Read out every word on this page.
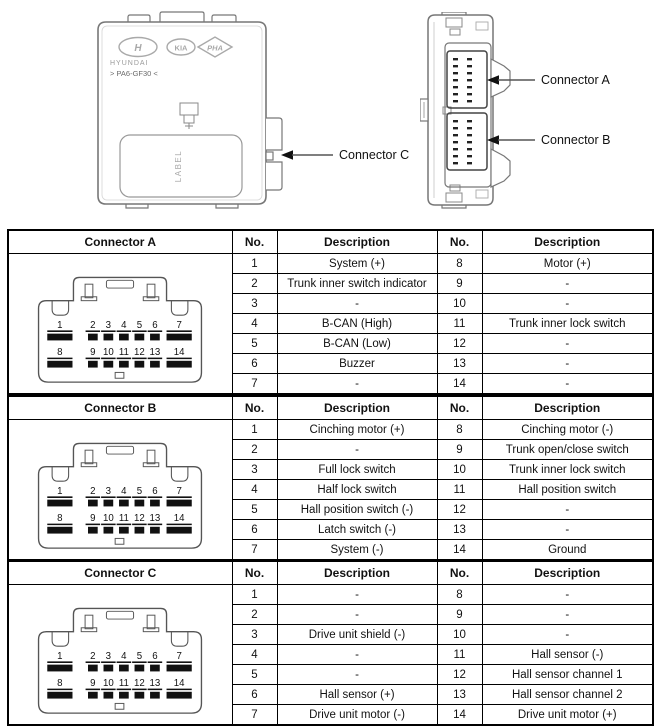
H	KIA	PHA
HYUNDAI
> PA6-GF30 <
LABEL
Connector A
Connector B
Connector C
Connector A	No.	Description	No.	Description

1	2 3 4 5 6 7
8	9 10 11 12 13 14
	1	System (+)	8	Motor (+)
	2	Trunk inner switch indicator	9	-
	3	-	10	-
	4	B-CAN (High)	11	Trunk inner lock switch
	5	B-CAN (Low)	12	-
	6	Buzzer	13	-
	7	-	14	-
Connector B	No.	Description	No.	Description

1	2 3 4 5 6 7
8	9 10 11 12 13 14
	1	Cinching motor (+)	8	Cinching motor (-)
	2	-	9	Trunk open/close switch
	3	Full lock switch	10	Trunk inner lock switch
	4	Half lock switch	11	Hall position switch
	5	Hall position switch (-)	12	-
	6	Latch switch (-)	13	-
	7	System (-)	14	Ground
Connector C	No.	Description	No.	Description

1	2 3 4 5 6 7
8	9 10 11 12 13 14
	1	-	8	-
	2	-	9	-
	3	Drive unit shield (-)	10	-
	4	-	11	Hall sensor (-)
	5	-	12	Hall sensor channel 1
	6	Hall sensor (+)	13	Hall sensor channel 2
	7	Drive unit motor (-)	14	Drive unit motor (+)
